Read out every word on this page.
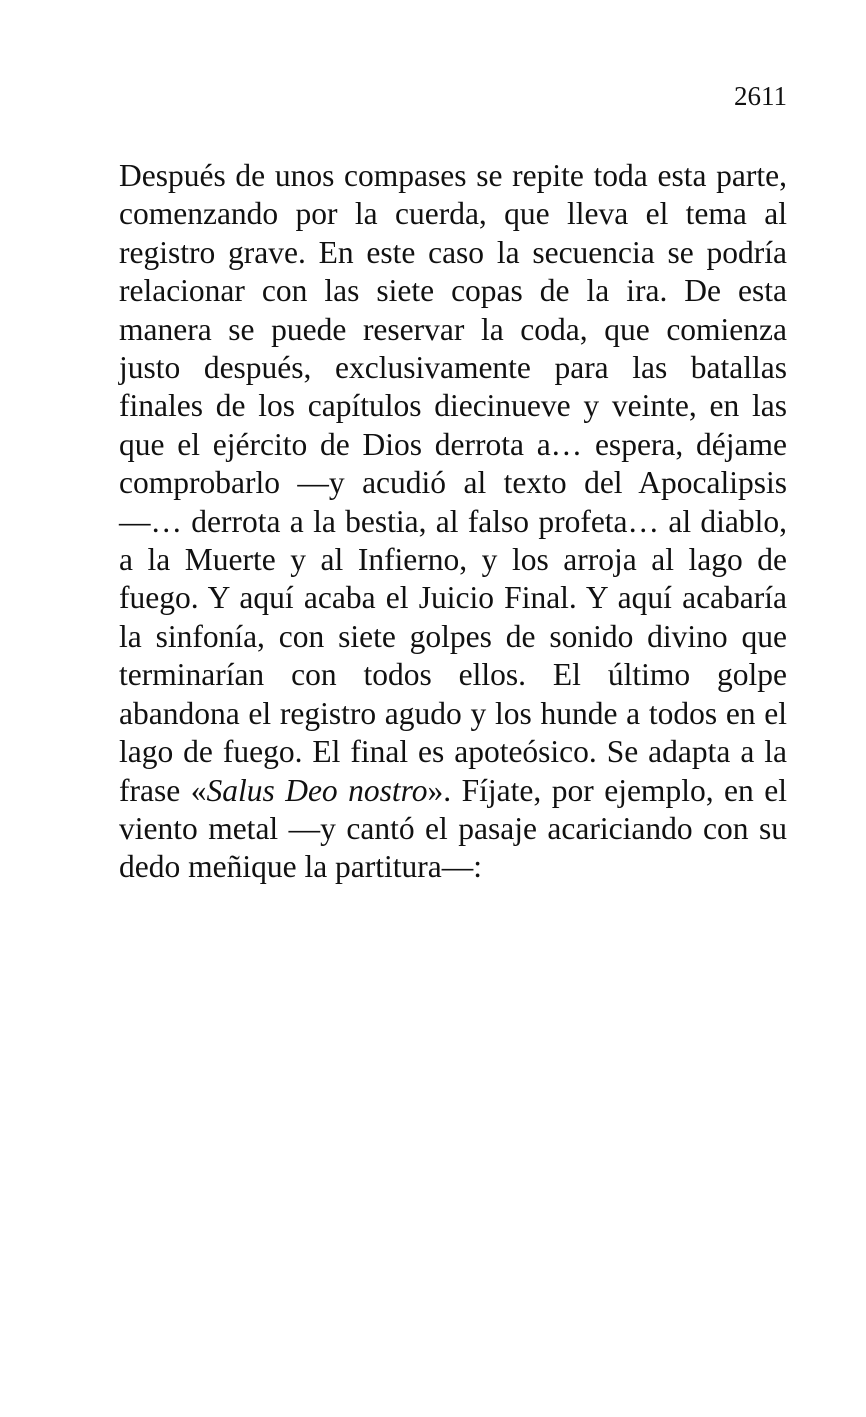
2611

Después de unos compases se repite toda esta parte, comenzando por la cuerda, que lleva el tema al registro grave. En este caso la secuencia se podría relacionar con las siete copas de la ira. De esta manera se puede reservar la coda, que comienza justo después, exclusivamente para las batallas finales de los capítulos diecinueve y veinte, en las que el ejército de Dios derrota a… espera, déjame comprobarlo —y acudió al texto del Apocalipsis—… derrota a la bestia, al falso profeta… al diablo, a la Muerte y al Infierno, y los arroja al lago de fuego. Y aquí acaba el Juicio Final. Y aquí acabaría la sinfonía, con siete golpes de sonido divino que terminarían con todos ellos. El último golpe abandona el registro agudo y los hunde a todos en el lago de fuego. El final es apoteósico. Se adapta a la frase «Salus Deo nostro». Fíjate, por ejemplo, en el viento metal —y cantó el pasaje acariciando con su dedo meñique la partitura—:
